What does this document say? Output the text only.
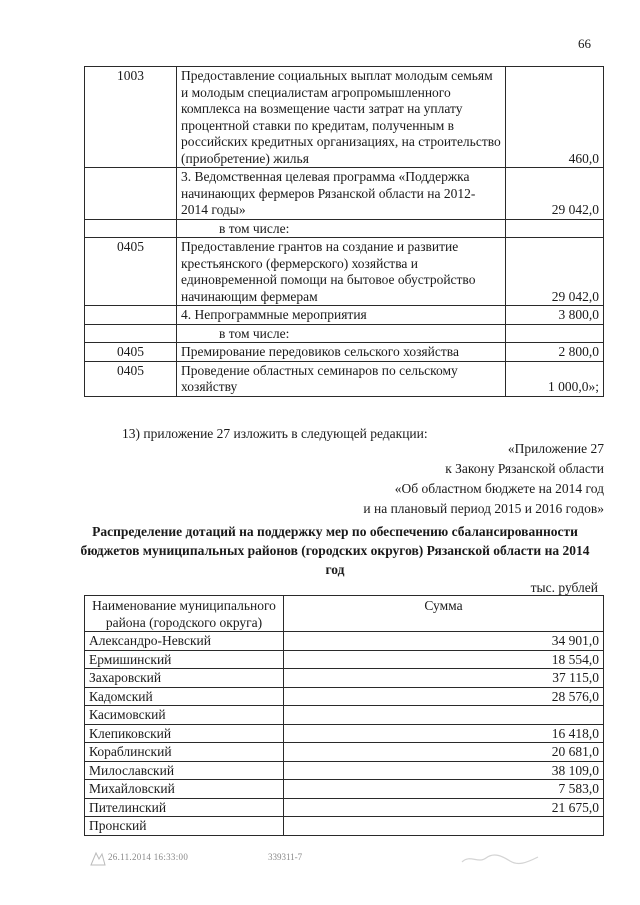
66
1003	Предоставление социальных выплат молодым семьям и молодым специалистам агропромышленного комплекса на возмещение части затрат на уплату процентной ставки по кредитам, полученным в российских кредитных организациях, на строительство (приобретение) жилья	460,0
	3. Ведомственная целевая программа «Поддержка начинающих фермеров Рязанской области на 2012-2014 годы»	29 042,0
	в том числе:	
0405	Предоставление грантов на создание и развитие крестьянского (фермерского) хозяйства и единовременной помощи на бытовое обустройство начинающим фермерам	29 042,0
	4. Непрограммные мероприятия	3 800,0
	в том числе:	
0405	Премирование передовиков сельского хозяйства	2 800,0
0405	Проведение областных семинаров по сельскому хозяйству	1 000,0»;
13) приложение 27 изложить в следующей редакции:
«Приложение 27
к Закону Рязанской области
«Об областном бюджете на 2014 год
и на плановый период 2015 и 2016 годов»
Распределение дотаций на поддержку мер по обеспечению сбалансированности бюджетов муниципальных районов (городских округов) Рязанской области на 2014 год
тыс. рублей
Наименование муниципального района (городского округа)	Сумма
Александро-Невский	34 901,0
Ермишинский	18 554,0
Захаровский	37 115,0
Кадомский	28 576,0
Касимовский	
Клепиковский	16 418,0
Кораблинский	20 681,0
Милославский	38 109,0
Михайловский	7 583,0
Пителинский	21 675,0
Пронский	
26.11.2014 16:33:00	339311-7
